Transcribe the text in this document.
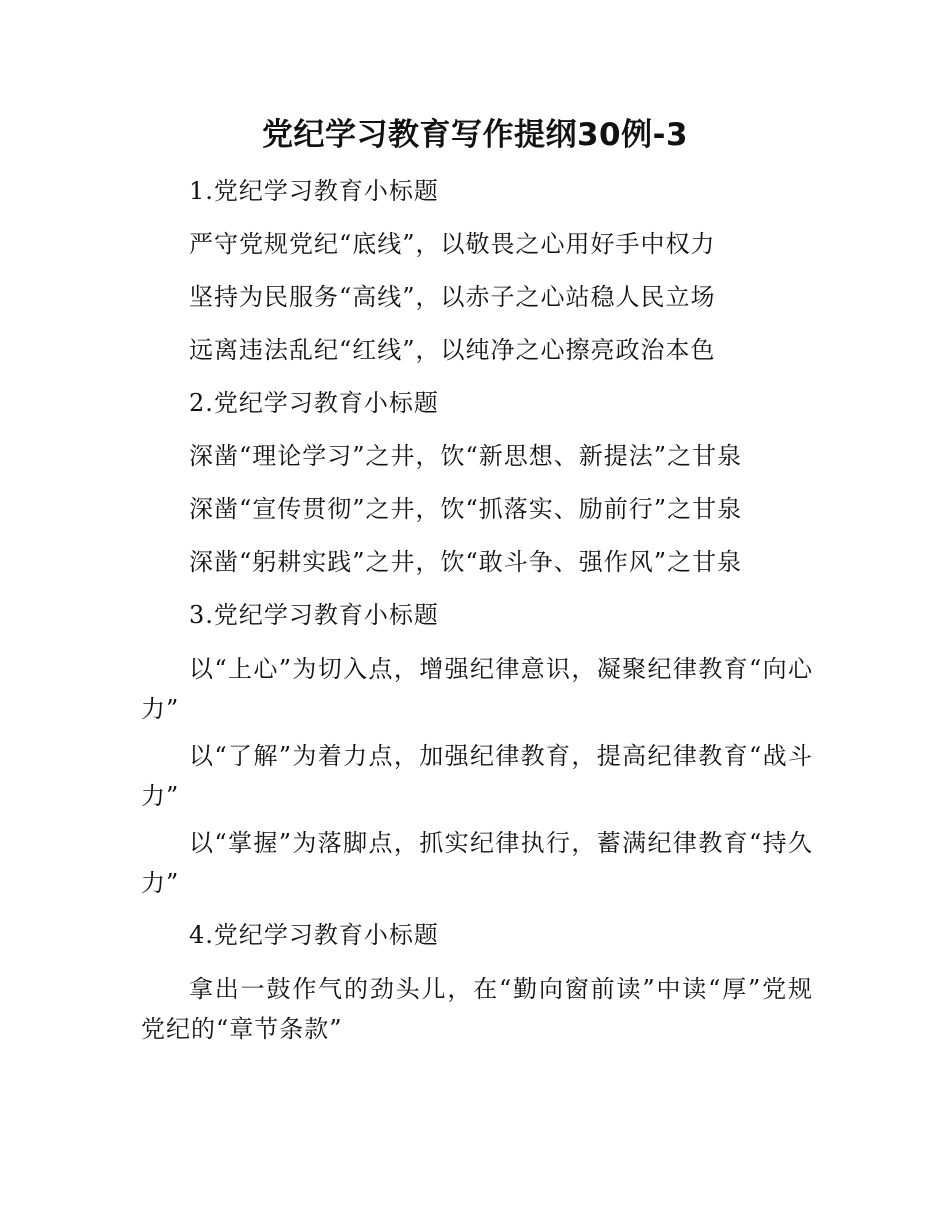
党纪学习教育写作提纲30例-3

1.党纪学习教育小标题

严守党规党纪“底线”，以敬畏之心用好手中权力

坚持为民服务“高线”，以赤子之心站稳人民立场

远离违法乱纪“红线”，以纯净之心擦亮政治本色

2.党纪学习教育小标题

深凿“理论学习”之井，饮“新思想、新提法”之甘泉

深凿“宣传贯彻”之井，饮“抓落实、励前行”之甘泉

深凿“躬耕实践”之井，饮“敢斗争、强作风”之甘泉

3.党纪学习教育小标题

以“上心”为切入点，增强纪律意识，凝聚纪律教育“向心力”

以“了解”为着力点，加强纪律教育，提高纪律教育“战斗力”

以“掌握”为落脚点，抓实纪律执行，蓄满纪律教育“持久力”

4.党纪学习教育小标题

拿出一鼓作气的劲头儿，在“勤向窗前读”中读“厚”党规党纪的“章节条款”
